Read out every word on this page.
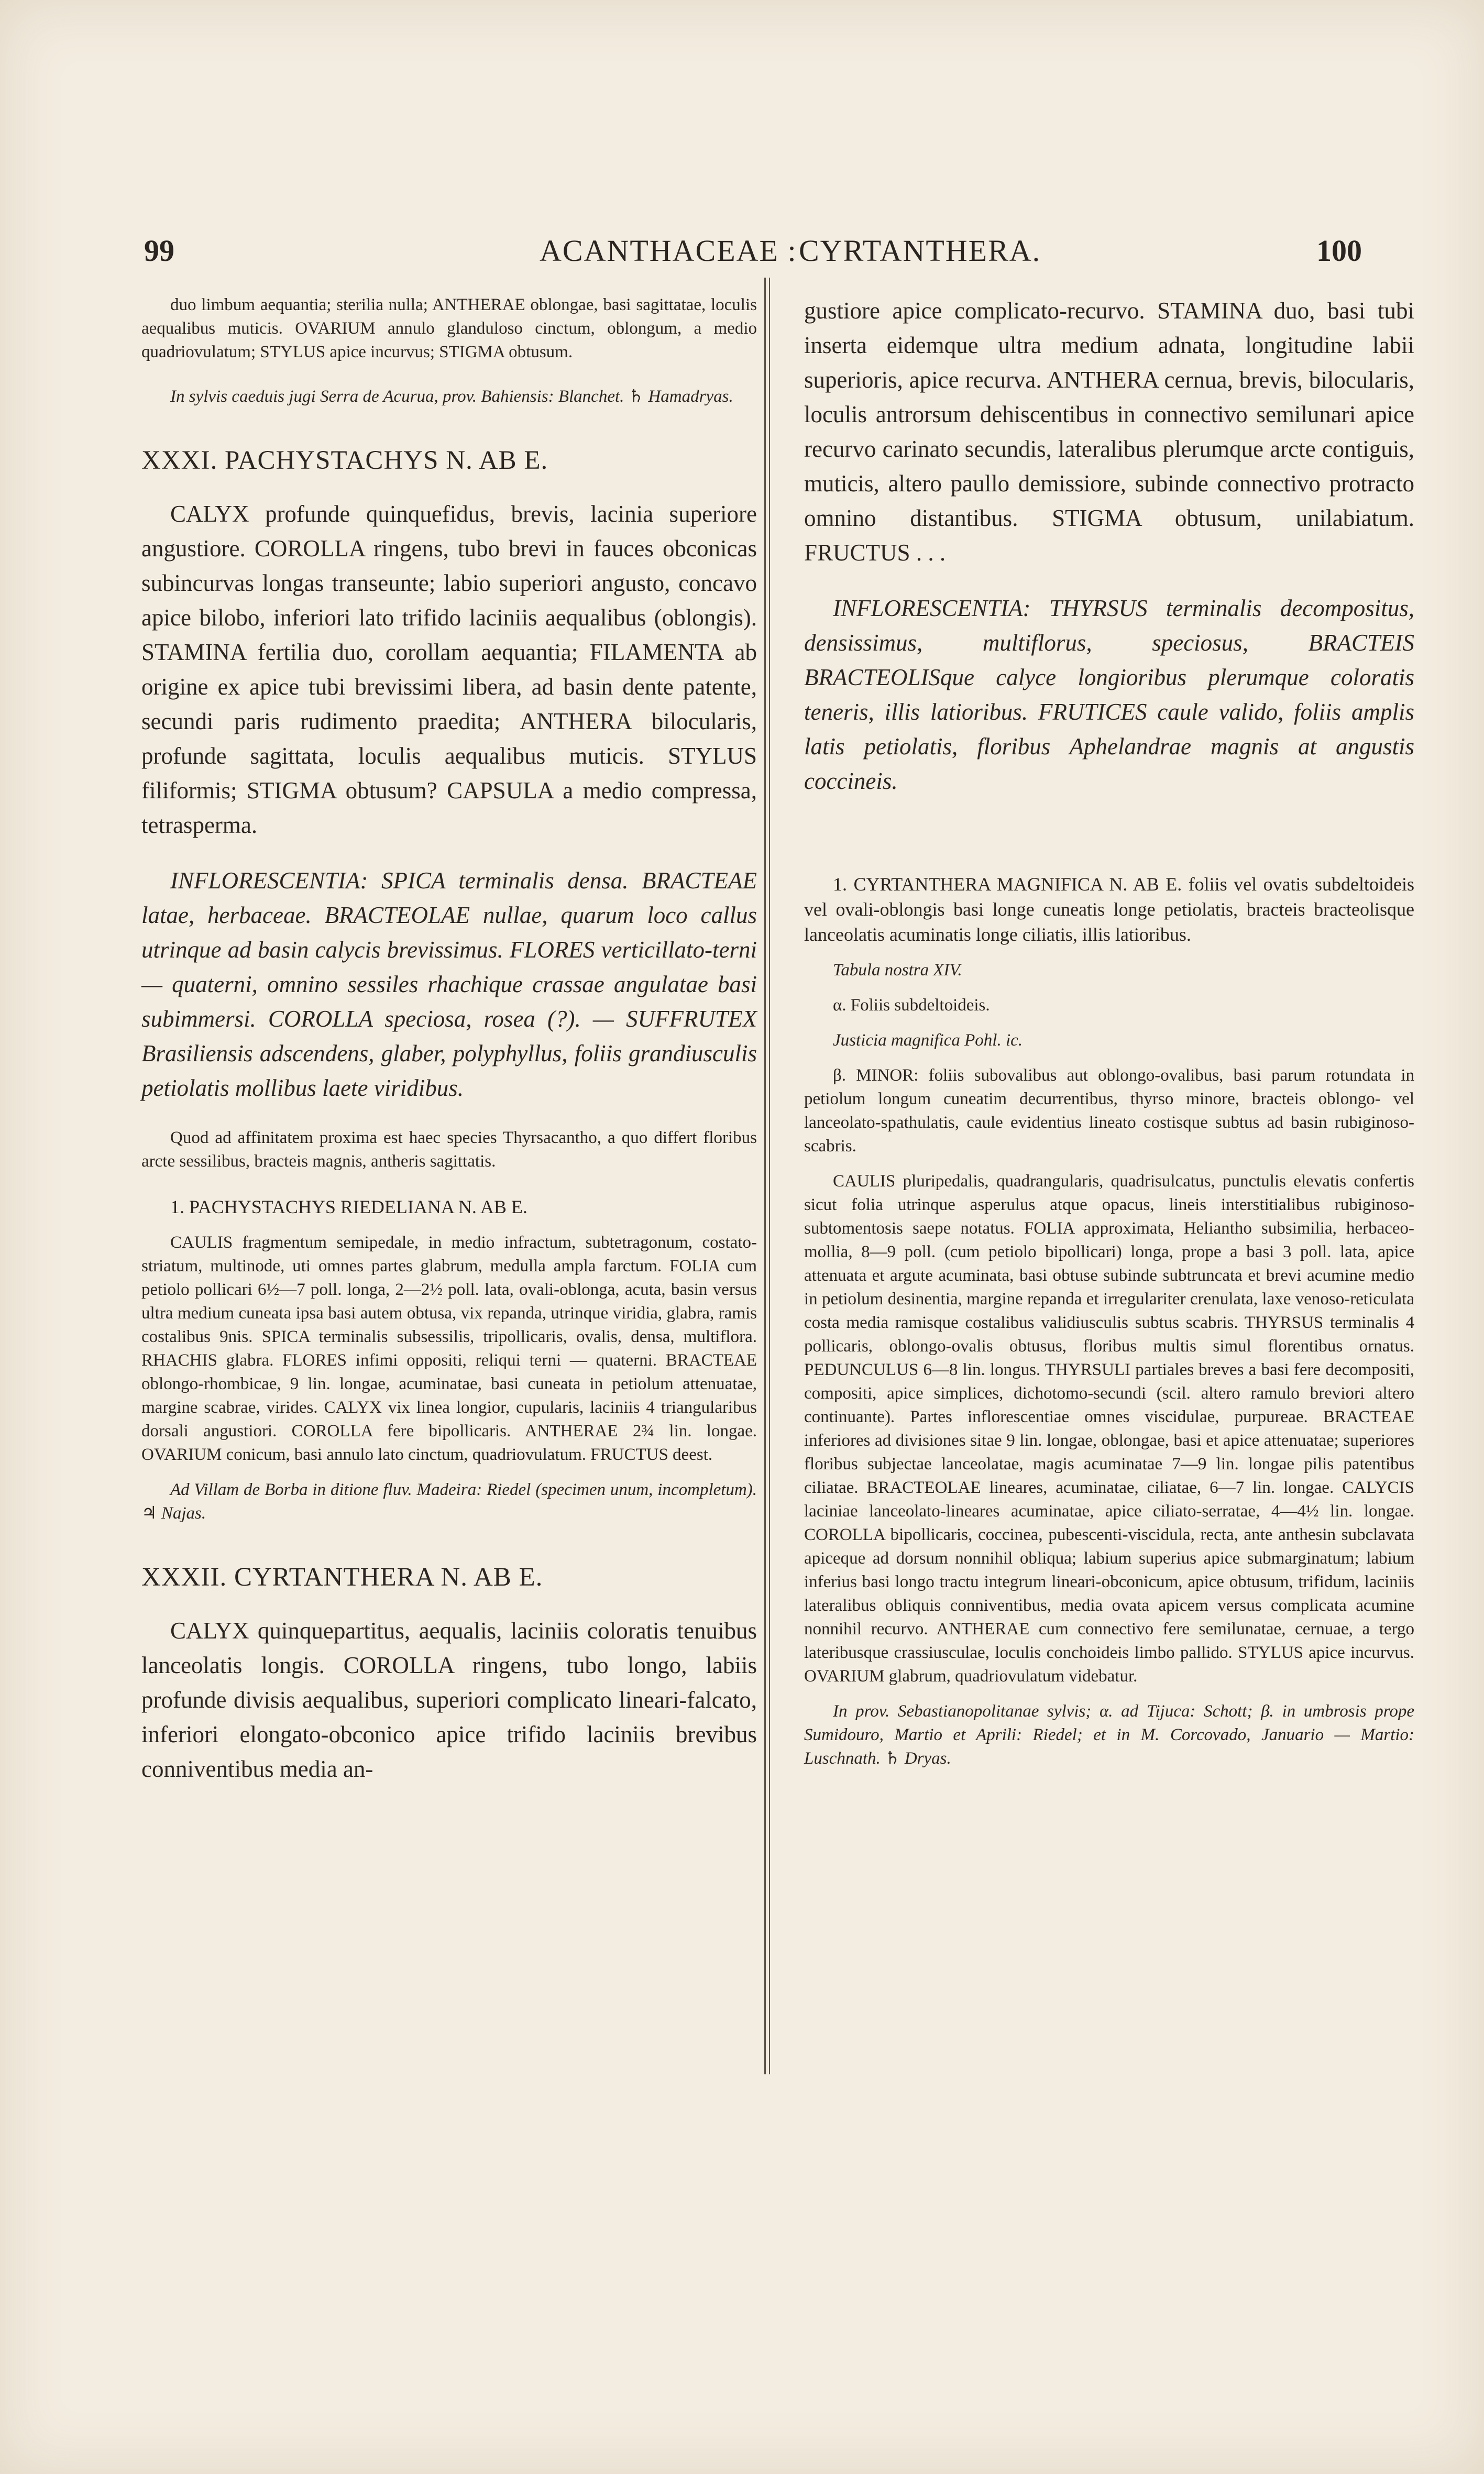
99	ACANTHACEAE : CYRTANTHERA.	100

duo limbum aequantia; sterilia nulla; ANTHERAE oblongae, basi sagittatae, loculis aequalibus muticis. OVARIUM annulo glanduloso cinctum, oblongum, a medio quadriovulatum; STYLUS apice incurvus; STIGMA obtusum.

In sylvis caeduis jugi Serra de Acurua, prov. Bahiensis: Blanchet. ♄ Hamadryas.

XXXI. PACHYSTACHYS N. AB E.

CALYX profunde quinquefidus, brevis, lacinia superiore angustiore. COROLLA ringens, tubo brevi in fauces obconicas subincurvas longas transeunte; labio superiori angusto, concavo apice bilobo, inferiori lato trifido laciniis aequalibus (oblongis). STAMINA fertilia duo, corollam aequantia; FILAMENTA ab origine ex apice tubi brevissimi libera, ad basin dente patente, secundi paris rudimento praedita; ANTHERA bilocularis, profunde sagittata, loculis aequalibus muticis. STYLUS filiformis; STIGMA obtusum? CAPSULA a medio compressa, tetrasperma.

INFLORESCENTIA: SPICA terminalis densa. BRACTEAE latae, herbaceae. BRACTEOLAE nullae, quarum loco callus utrinque ad basin calycis brevissimus. FLORES verticillato-terni — quaterni, omnino sessiles rhachique crassae angulatae basi subimmersi. COROLLA speciosa, rosea (?). — SUFFRUTEX Brasiliensis adscendens, glaber, polyphyllus, foliis grandiusculis petiolatis mollibus laete viridibus.

Quod ad affinitatem proxima est haec species Thyrsacantho, a quo differt floribus arcte sessilibus, bracteis magnis, antheris sagittatis.

1. PACHYSTACHYS RIEDELIANA N. AB E.

CAULIS fragmentum semipedale, in medio infractum, subtetragonum, costato-striatum, multinode, uti omnes partes glabrum, medulla ampla farctum. FOLIA cum petiolo pollicari 6½—7 poll. longa, 2—2½ poll. lata, ovali-oblonga, acuta, basin versus ultra medium cuneata ipsa basi autem obtusa, vix repanda, utrinque viridia, glabra, ramis costalibus 9nis. SPICA terminalis subsessilis, tripollicaris, ovalis, densa, multiflora. RHACHIS glabra. FLORES infimi oppositi, reliqui terni — quaterni. BRACTEAE oblongo-rhombicae, 9 lin. longae, acuminatae, basi cuneata in petiolum attenuatae, margine scabrae, virides. CALYX vix linea longior, cupularis, laciniis 4 triangularibus dorsali angustiori. COROLLA fere bipollicaris. ANTHERAE 2¾ lin. longae. OVARIUM conicum, basi annulo lato cinctum, quadriovulatum. FRUCTUS deest.

Ad Villam de Borba in ditione fluv. Madeira: Riedel (specimen unum, incompletum). ♃ Najas.

XXXII. CYRTANTHERA N. AB E.

CALYX quinquepartitus, aequalis, laciniis coloratis tenuibus lanceolatis longis. COROLLA ringens, tubo longo, labiis profunde divisis aequalibus, superiori complicato lineari-falcato, inferiori elongato-obconico apice trifido laciniis brevibus conniventibus media an-

gustiore apice complicato-recurvo. STAMINA duo, basi tubi inserta eidemque ultra medium adnata, longitudine labii superioris, apice recurva. ANTHERA cernua, brevis, bilocularis, loculis antrorsum dehiscentibus in connectivo semilunari apice recurvo carinato secundis, lateralibus plerumque arcte contiguis, muticis, altero paullo demissiore, subinde connectivo protracto omnino distantibus. STIGMA obtusum, unilabiatum. FRUCTUS . . .

INFLORESCENTIA: THYRSUS terminalis decompositus, densissimus, multiflorus, speciosus, BRACTEIS BRACTEOLISque calyce longioribus plerumque coloratis teneris, illis latioribus. FRUTICES caule valido, foliis amplis latis petiolatis, floribus Aphelandrae magnis at angustis coccineis.

1. CYRTANTHERA MAGNIFICA N. AB E. foliis vel ovatis subdeltoideis vel ovali-oblongis basi longe cuneatis longe petiolatis, bracteis bracteolisque lanceolatis acuminatis longe ciliatis, illis latioribus.

Tabula nostra XIV.

α. Foliis subdeltoideis.

Justicia magnifica Pohl. ic.

β. MINOR: foliis subovalibus aut oblongo-ovalibus, basi parum rotundata in petiolum longum cuneatim decurrentibus, thyrso minore, bracteis oblongo- vel lanceolato-spathulatis, caule evidentius lineato costisque subtus ad basin rubiginoso-scabris.

CAULIS pluripedalis, quadrangularis, quadrisulcatus, punctulis elevatis confertis sicut folia utrinque asperulus atque opacus, lineis interstitialibus rubiginoso-subtomentosis saepe notatus. FOLIA approximata, Helianthо subsimilia, herbaceo-mollia, 8—9 poll. (cum petiolo bipollicari) longa, prope a basi 3 poll. lata, apice attenuata et argute acuminata, basi obtuse subinde subtruncata et brevi acumine medio in petiolum desinentia, margine repanda et irregulariter crenulata, laxe venoso-reticulata costa media ramisque costalibus validiusculis subtus scabris. THYRSUS terminalis 4 pollicaris, oblongo-ovalis obtusus, floribus multis simul florentibus ornatus. PEDUNCULUS 6—8 lin. longus. THYRSULI partiales breves a basi fere decompositi, compositi, apice simplices, dichotomo-secundi (scil. altero ramulo breviori altero continuante). Partes inflorescentiae omnes viscidulae, purpureae. BRACTEAE inferiores ad divisiones sitae 9 lin. longae, oblongae, basi et apice attenuatae; superiores floribus subjectae lanceolatae, magis acuminatae 7—9 lin. longae pilis patentibus ciliatae. BRACTEOLAE lineares, acuminatae, ciliatae, 6—7 lin. longae. CALYCIS laciniae lanceolato-lineares acuminatae, apice ciliato-serratae, 4—4½ lin. longae. COROLLA bipollicaris, coccinea, pubescenti-viscidula, recta, ante anthesin subclavata apiceque ad dorsum nonnihil obliqua; labium superius apice submarginatum; labium inferius basi longo tractu integrum lineari-obconicum, apice obtusum, trifidum, laciniis lateralibus obliquis conniventibus, media ovata apicem versus complicata acumine nonnihil recurvo. ANTHERAE cum connectivo fere semilunatae, cernuae, a tergo lateribusque crassiusculae, loculis conchoideis limbo pallido. STYLUS apice incurvus. OVARIUM glabrum, quadriovulatum videbatur.

In prov. Sebastianopolitanae sylvis; α. ad Tijuca: Schott; β. in umbrosis prope Sumidouro, Martio et Aprili: Riedel; et in M. Corcovado, Januario — Martio: Luschnath. ♄ Dryas.
